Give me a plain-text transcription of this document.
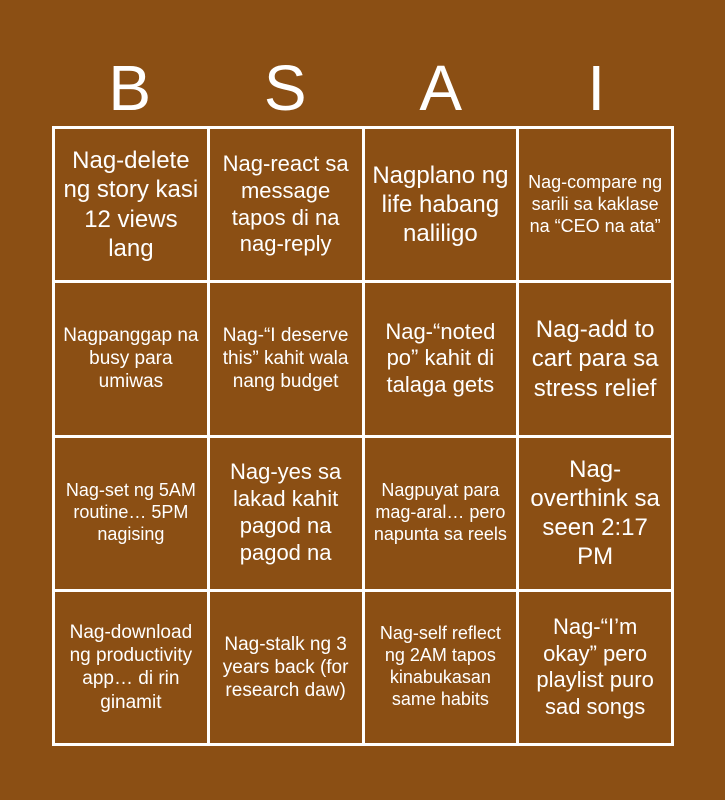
B	S	A	I
Nag-delete ng story kasi 12 views lang
Nag-react sa message tapos di na nag-reply
Nagplano ng life habang naliligo
Nag-compare ng sarili sa kaklase na “CEO na ata”
Nagpanggap na busy para umiwas
Nag-“I deserve this” kahit wala nang budget
Nag-“noted po” kahit di talaga gets
Nag-add to cart para sa stress relief
Nag-set ng 5AM routine… 5PM nagising
Nag-yes sa lakad kahit pagod na pagod na
Nagpuyat para mag-aral… pero napunta sa reels
Nag-overthink sa seen 2:17 PM
Nag-download ng productivity app… di rin ginamit
Nag-stalk ng 3 years back (for research daw)
Nag-self reflect ng 2AM tapos kinabukasan same habits
Nag-“I’m okay” pero playlist puro sad songs
